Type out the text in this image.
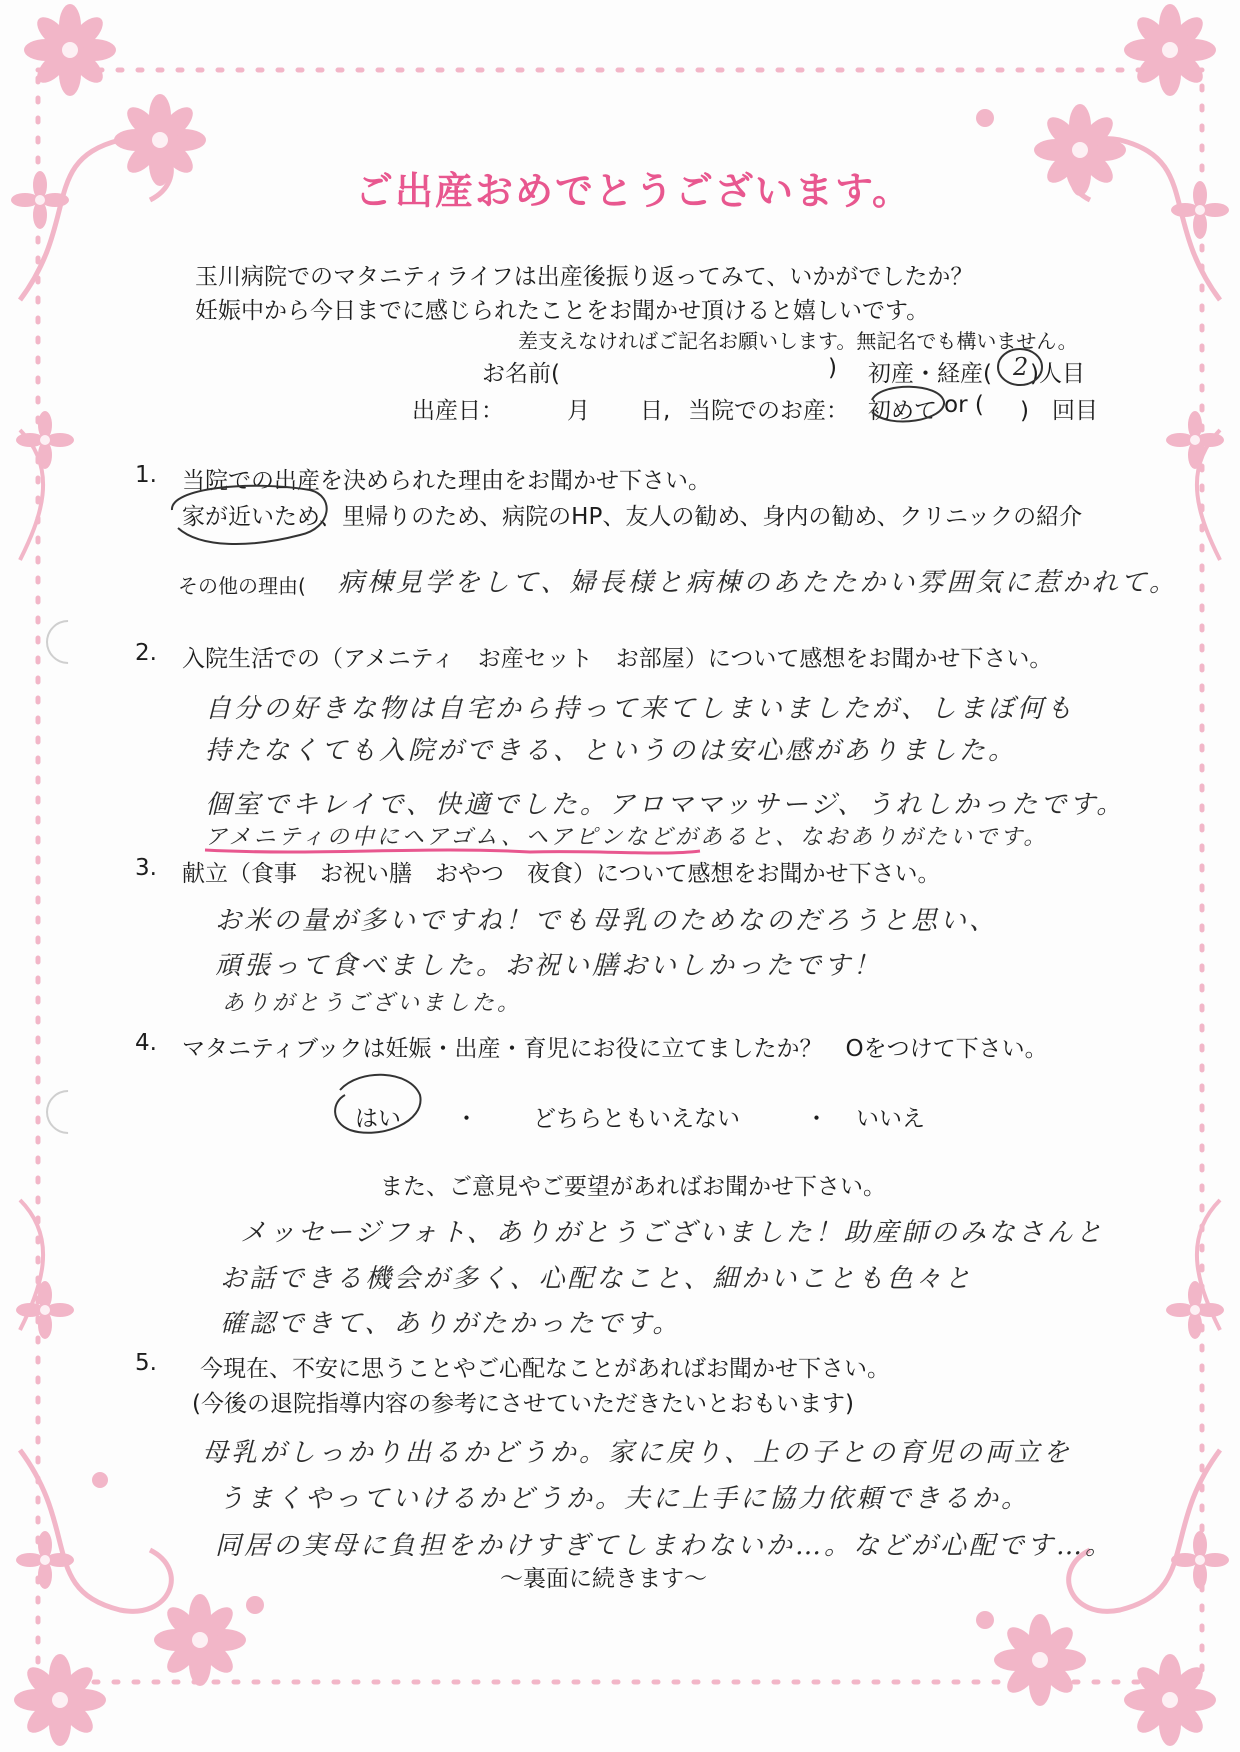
ご出産おめでとうございます。
玉川病院でのマタニティライフは出産後振り返ってみて、いかがでしたか？
妊娠中から今日までに感じられたことをお聞かせ頂けると嬉しいです。
差支えなければご記名お願いします。無記名でも構いません。
お名前(	) 初産・経産( 2
)人目
出産日：	月 日, 当院でのお産： 初めて or ( )　回目
1. 当院での出産を決められた理由をお聞かせ下さい。
家が近いため、里帰りのため、病院のHP、友人の勧め、身内の勧め、クリニックの紹介
その他の理由( 病棟見学をして、婦長様と病棟のあたたかい雰囲気に惹かれて。
2. 入院生活での（アメニティ　お産セット　お部屋）について感想をお聞かせ下さい。
自分の好きな物は自宅から持って来てしまいましたが、しまぼ何も
持たなくても入院ができる、というのは安心感がありました。
個室でキレイで、快適でした。アロママッサージ、うれしかったです。
アメニティの中にヘアゴム、ヘアピンなどがあると、なおありがたいです。
3. 献立（食事　お祝い膳　おやつ　夜食）について感想をお聞かせ下さい。
お米の量が多いですね！でも母乳のためなのだろうと思い、
頑張って食べました。お祝い膳おいしかったです！
ありがとうございました。
4. マタニティブックは妊娠・出産・育児にお役に立てましたか？　Oをつけて下さい。
はい ・ どちらともいえない	・ いいえ
また、ご意見やご要望があればお聞かせ下さい。
メッセージフォト、ありがとうございました！助産師のみなさんと
お話できる機会が多く、心配なこと、細かいことも色々と
確認できて、ありがたかったです。
5. 今現在、不安に思うことやご心配なことがあればお聞かせ下さい。
(今後の退院指導内容の参考にさせていただきたいとおもいます)
母乳がしっかり出るかどうか。家に戻り、上の子との育児の両立を
うまくやっていけるかどうか。夫に上手に協力依頼できるか。
同居の実母に負担をかけすぎてしまわないか…。などが心配です…。
〜裏面に続きます〜
